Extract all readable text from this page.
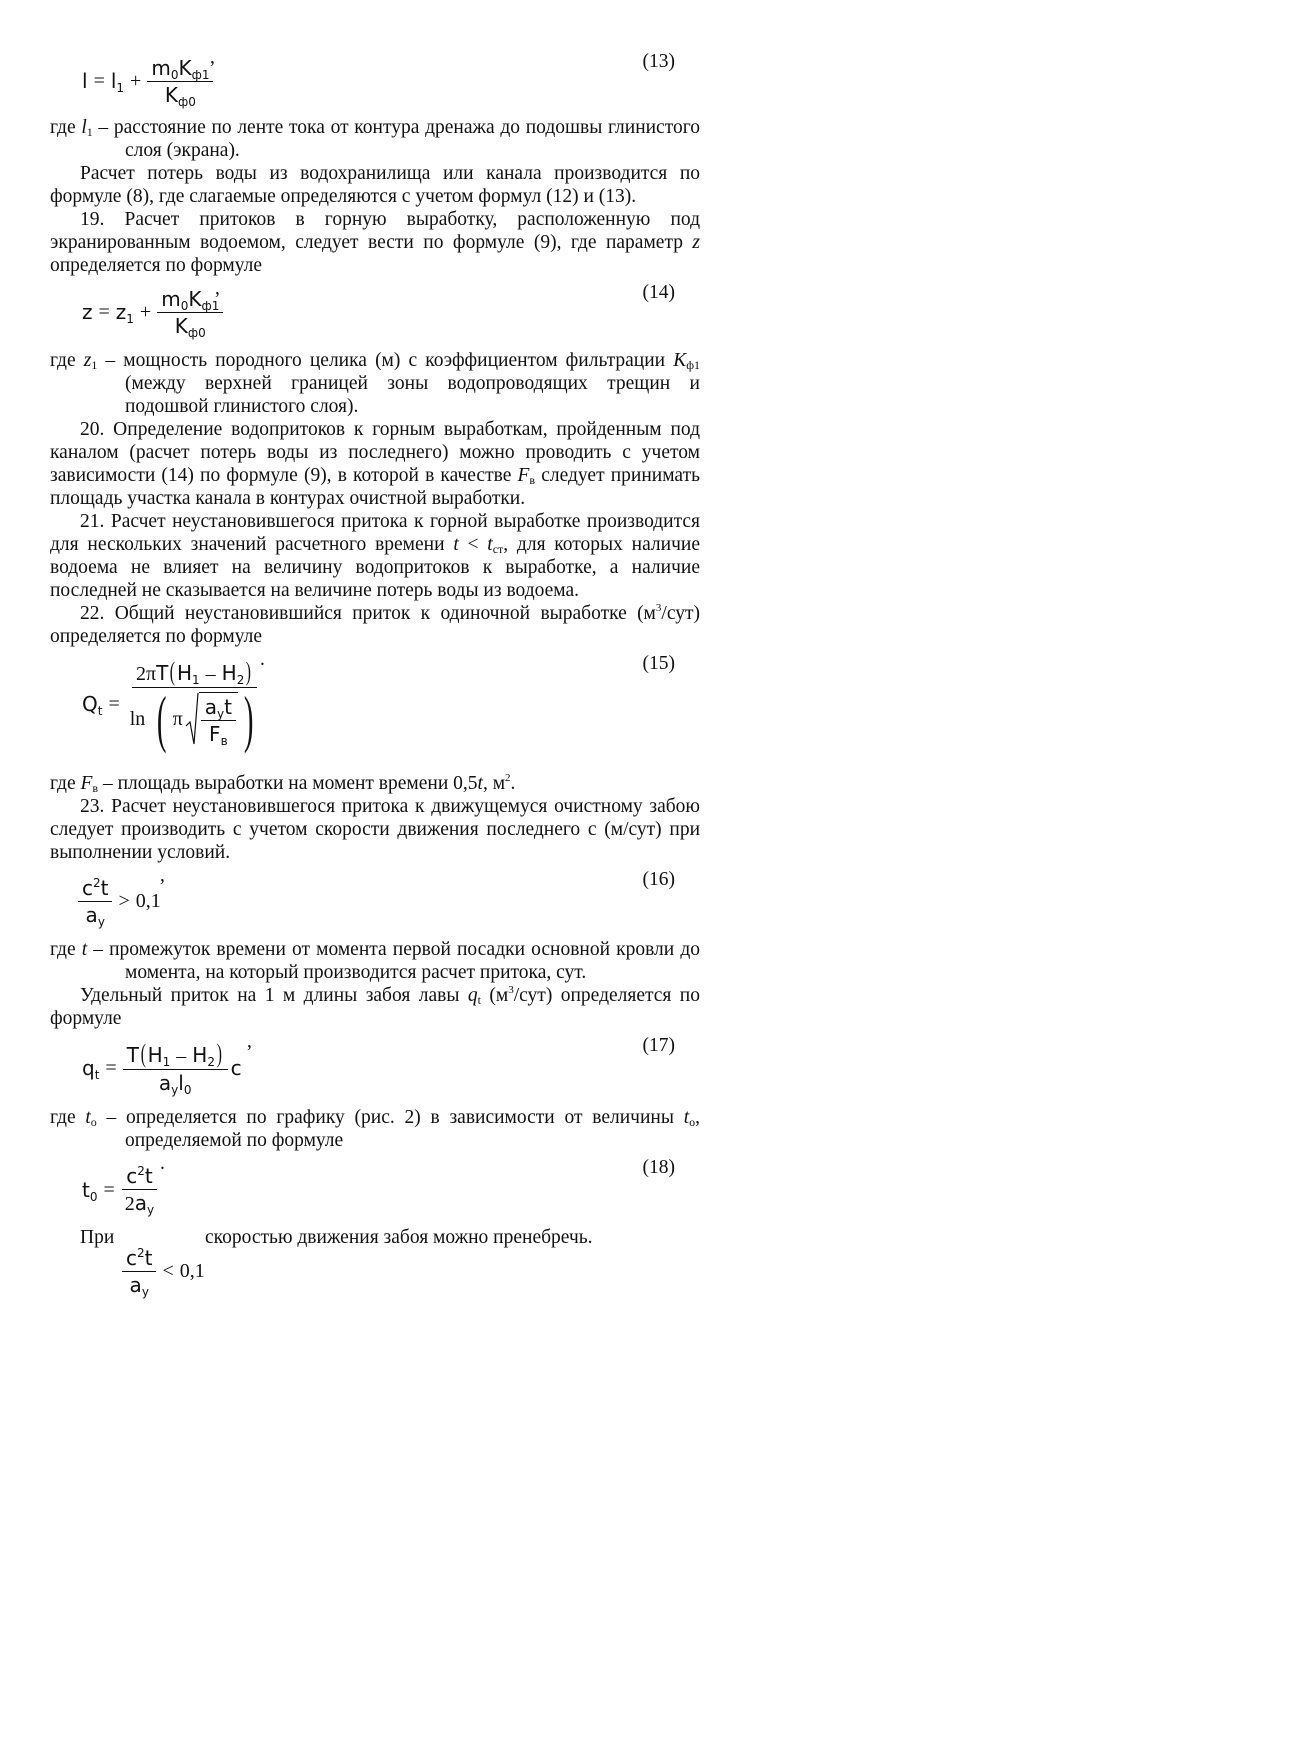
,	(13)
$l = l_1 + \frac{m_0K_{ф1}}{K_{ф0}}$

где l1 – расстояние по ленте тока от контура дренажа до подошвы глинистого слоя (экрана).

Расчет потерь воды из водохранилища или канала производится по формуле (8), где слагаемые определяются с учетом формул (12) и (13).

19. Расчет притоков в горную выработку, расположенную под экранированным водоемом, следует вести по формуле (9), где параметр z определяется по формуле

,	(14)
$z = z_1 + \frac{m_0K_{ф1}}{K_{ф0}}$

где z1 – мощность породного целика (м) с коэффициентом фильтрации Kф1 (между верхней границей зоны водопроводящих трещин и подошвой глинистого слоя).

20. Определение водопритоков к горным выработкам, пройденным под каналом (расчет потерь воды из последнего) можно проводить с учетом зависимости (14) по формуле (9), в которой в качестве Fв следует принимать площадь участка канала в контурах очистной выработки.

21. Расчет неустановившегося притока к горной выработке производится для нескольких значений расчетного времени t < tст, для которых наличие водоема не влияет на величину водопритоков к выработке, а наличие последней не сказывается на величине потерь воды из водоема.

22. Общий неустановившийся приток к одиночной выработке $(м^3/сут)$ определяется по формуле

.	(15)
$Q_t$ =
$2\pi T(H_1 - H_2)$
ln ( π $\frac{a_yt}{F_в}$ )

где Fв – площадь выработки на момент времени 0,5t, $м^2$.

23. Расчет неустановившегося притока к движущемуся очистному забою следует производить с учетом скорости движения последнего с (м/сут) при выполнении условий.

,	(16)
$\frac{c^2t}{a_y} > 0,1$

где t – промежуток времени от момента первой посадки основной кровли до момента, на который производится расчет притока, сут.

Удельный приток на 1 м длины забоя лавы qt $(м^3/сут)$ определяется по формуле

,	(17)
$q_t = \frac{T(H_1 - H_2)}{a_yl_0}$ c

где to – определяется по графику (рис. 2) в зависимости от величины to, определяемой по формуле

.	(18)
$t_0 = \frac{c^2t}{2a_y}$
При	скоростью движения забоя можно пренебречь.
$\frac{c^2t}{a_y} < 0,1$
